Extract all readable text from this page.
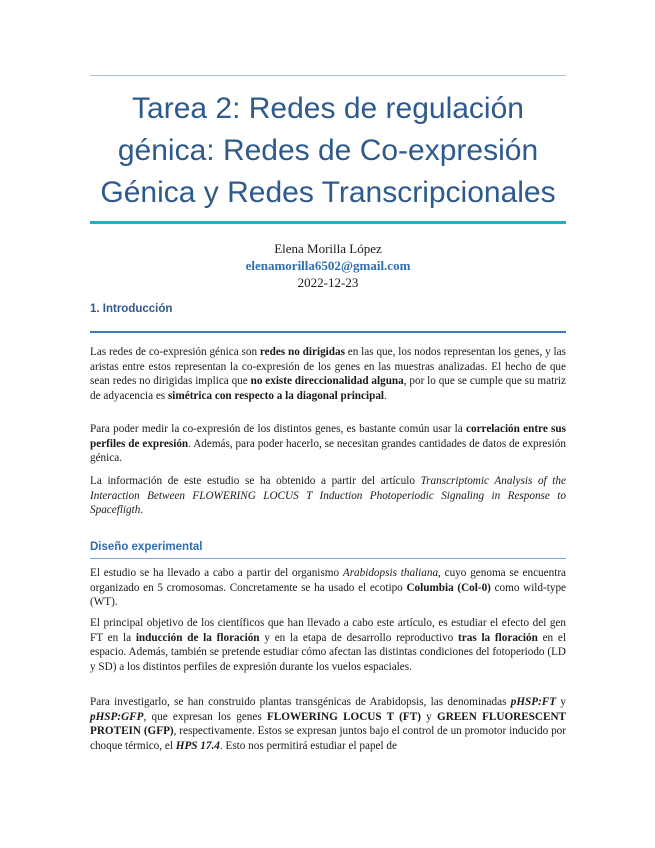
Tarea 2: Redes de regulación génica: Redes de Co-expresión Génica y Redes Transcripcionales
Elena Morilla López
elenamorilla6502@gmail.com
2022-12-23
1. Introducción

Las redes de co-expresión génica son redes no dirigidas en las que, los nodos representan los genes, y las aristas entre estos representan la co-expresión de los genes en las muestras analizadas. El hecho de que sean redes no dirigidas implica que no existe direccionalidad alguna, por lo que se cumple que su matriz de adyacencia es simétrica con respecto a la diagonal principal.

Para poder medir la co-expresión de los distintos genes, es bastante común usar la correlación entre sus perfiles de expresión. Además, para poder hacerlo, se necesitan grandes cantidades de datos de expresión génica.

La información de este estudio se ha obtenido a partir del artículo Transcriptomic Analysis of the Interaction Between FLOWERING LOCUS T Induction Photoperiodic Signaling in Response to Spacefligth.

Diseño experimental

El estudio se ha llevado a cabo a partir del organismo Arabidopsis thaliana, cuyo genoma se encuentra organizado en 5 cromosomas. Concretamente se ha usado el ecotipo Columbia (Col-0) como wild-type (WT).

El principal objetivo de los científicos que han llevado a cabo este artículo, es estudiar el efecto del gen FT en la inducción de la floración y en la etapa de desarrollo reproductivo tras la floración en el espacio. Además, también se pretende estudiar cómo afectan las distintas condiciones del fotoperiodo (LD y SD) a los distintos perfiles de expresión durante los vuelos espaciales.

Para investigarlo, se han construido plantas transgénicas de Arabidopsis, las denominadas pHSP:FT y pHSP:GFP, que expresan los genes FLOWERING LOCUS T (FT) y GREEN FLUORESCENT PROTEIN (GFP), respectivamente. Estos se expresan juntos bajo el control de un promotor inducido por choque térmico, el HPS 17.4. Esto nos permitirá estudiar el papel de
